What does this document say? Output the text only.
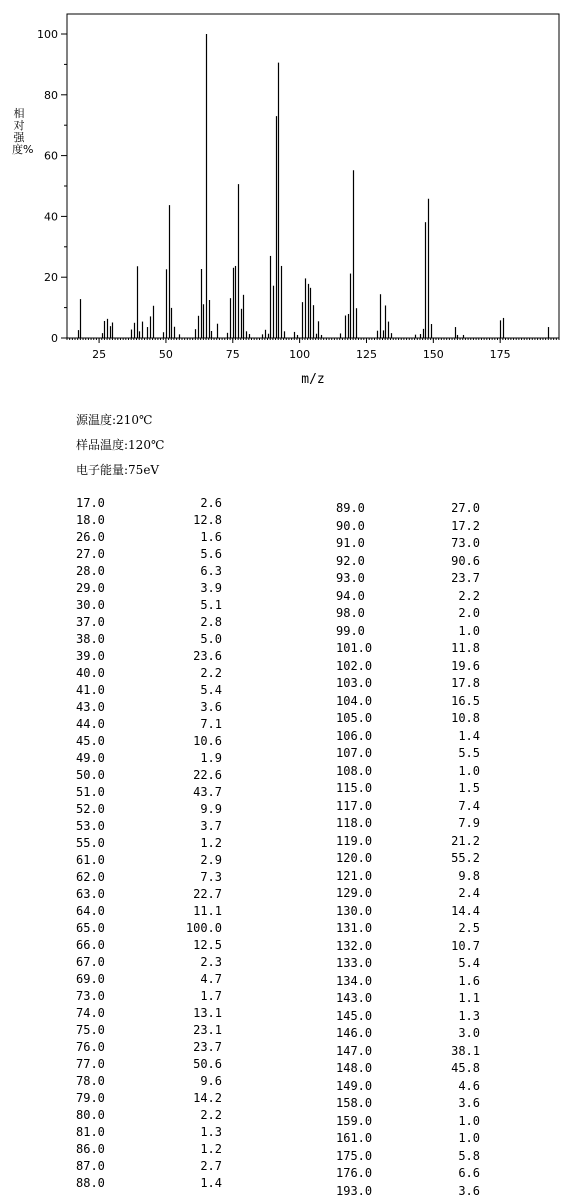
25	50	75	100	125	150	175
0
20
40
60
80
100
m/z
相对强度%
源温度:210℃
样品温度:120℃
电子能量:75eV
17.0	2.6
18.0	12.8
26.0	1.6
27.0	5.6
28.0	6.3
29.0	3.9
30.0	5.1
37.0	2.8
38.0	5.0
39.0	23.6
40.0	2.2
41.0	5.4
43.0	3.6
44.0	7.1
45.0	10.6
49.0	1.9
50.0	22.6
51.0	43.7
52.0	9.9
53.0	3.7
55.0	1.2
61.0	2.9
62.0	7.3
63.0	22.7
64.0	11.1
65.0	100.0
66.0	12.5
67.0	2.3
69.0	4.7
73.0	1.7
74.0	13.1
75.0	23.1
76.0	23.7
77.0	50.6
78.0	9.6
79.0	14.2
80.0	2.2
81.0	1.3
86.0	1.2
87.0	2.7
88.0	1.4
89.0	27.0
90.0	17.2
91.0	73.0
92.0	90.6
93.0	23.7
94.0	2.2
98.0	2.0
99.0	1.0
101.0	11.8
102.0	19.6
103.0	17.8
104.0	16.5
105.0	10.8
106.0	1.4
107.0	5.5
108.0	1.0
115.0	1.5
117.0	7.4
118.0	7.9
119.0	21.2
120.0	55.2
121.0	9.8
129.0	2.4
130.0	14.4
131.0	2.5
132.0	10.7
133.0	5.4
134.0	1.6
143.0	1.1
145.0	1.3
146.0	3.0
147.0	38.1
148.0	45.8
149.0	4.6
158.0	3.6
159.0	1.0
161.0	1.0
175.0	5.8
176.0	6.6
193.0	3.6
